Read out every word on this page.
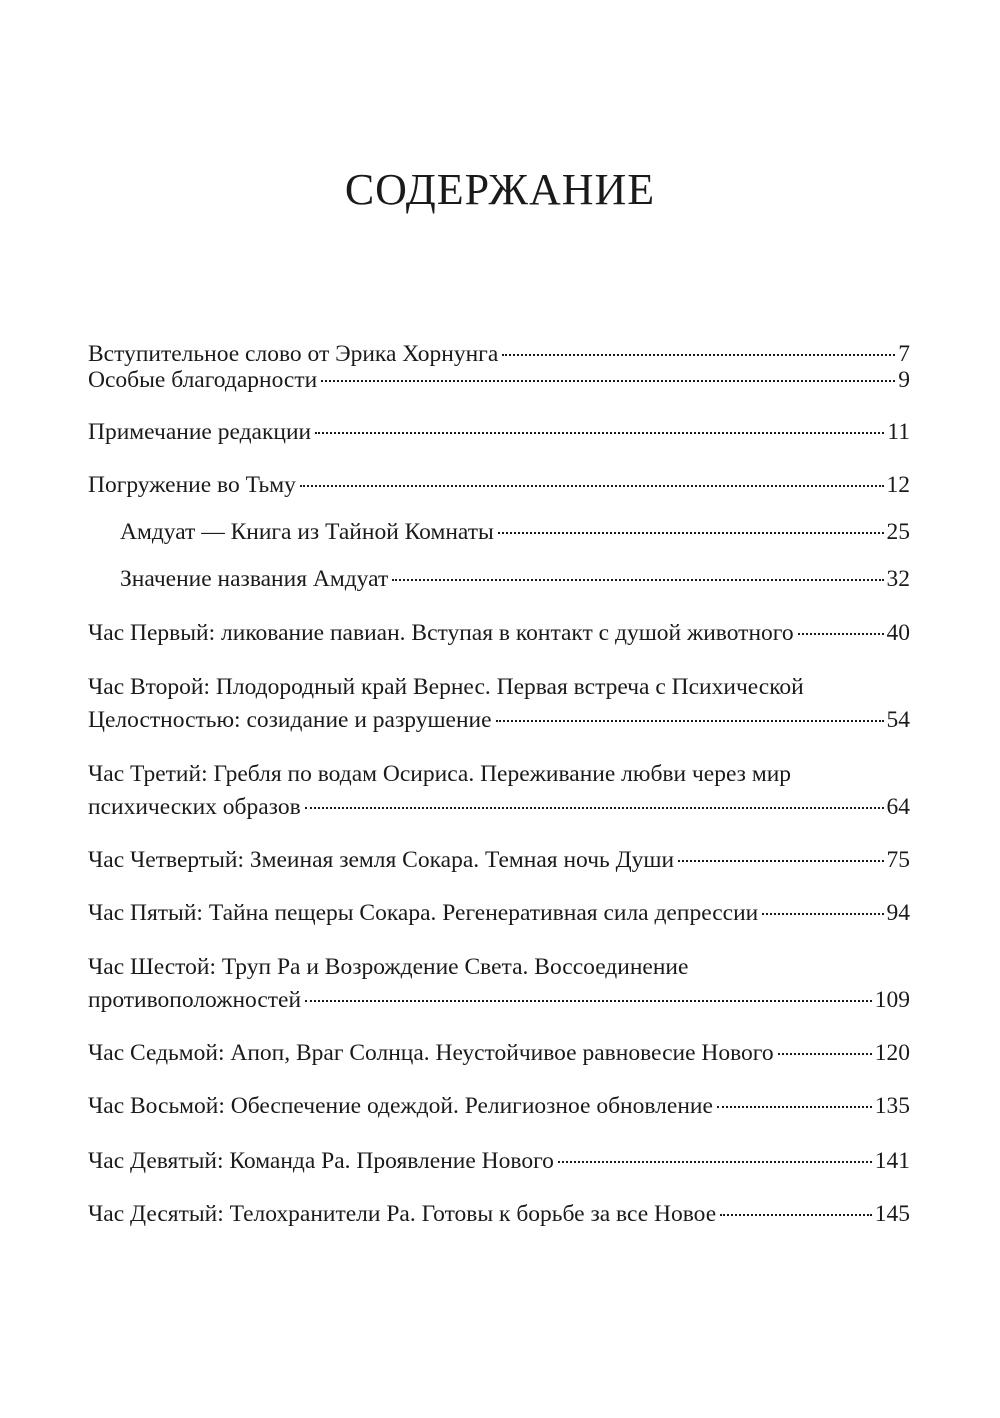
СОДЕРЖАНИЕ
Вступительное слово от Эрика Хорнунга	7
Особые благодарности	9
Примечание редакции	11
Погружение во Тьму	12
Амдуат — Книга из Тайной Комнаты	25
Значение названия Амдуат	32
Час Первый: ликование павиан. Вступая в контакт с душой животного	40
Час Второй: Плодородный край Вернес. Первая встреча с Психической
Целостностью: созидание и разрушение	54
Час Третий: Гребля по водам Осириса. Переживание любви через мир
психических образов	64
Час Четвертый: Змеиная земля Сокара. Темная ночь Души	75
Час Пятый: Тайна пещеры Сокара. Регенеративная сила депрессии	94
Час Шестой: Труп Ра и Возрождение Света. Воссоединение
противоположностей	109
Час Седьмой: Апоп, Враг Солнца. Неустойчивое равновесие Нового	120
Час Восьмой: Обеспечение одеждой. Религиозное обновление	135
Час Девятый: Команда Ра. Проявление Нового	141
Час Десятый: Телохранители Ра. Готовы к борьбе за все Новое	145
